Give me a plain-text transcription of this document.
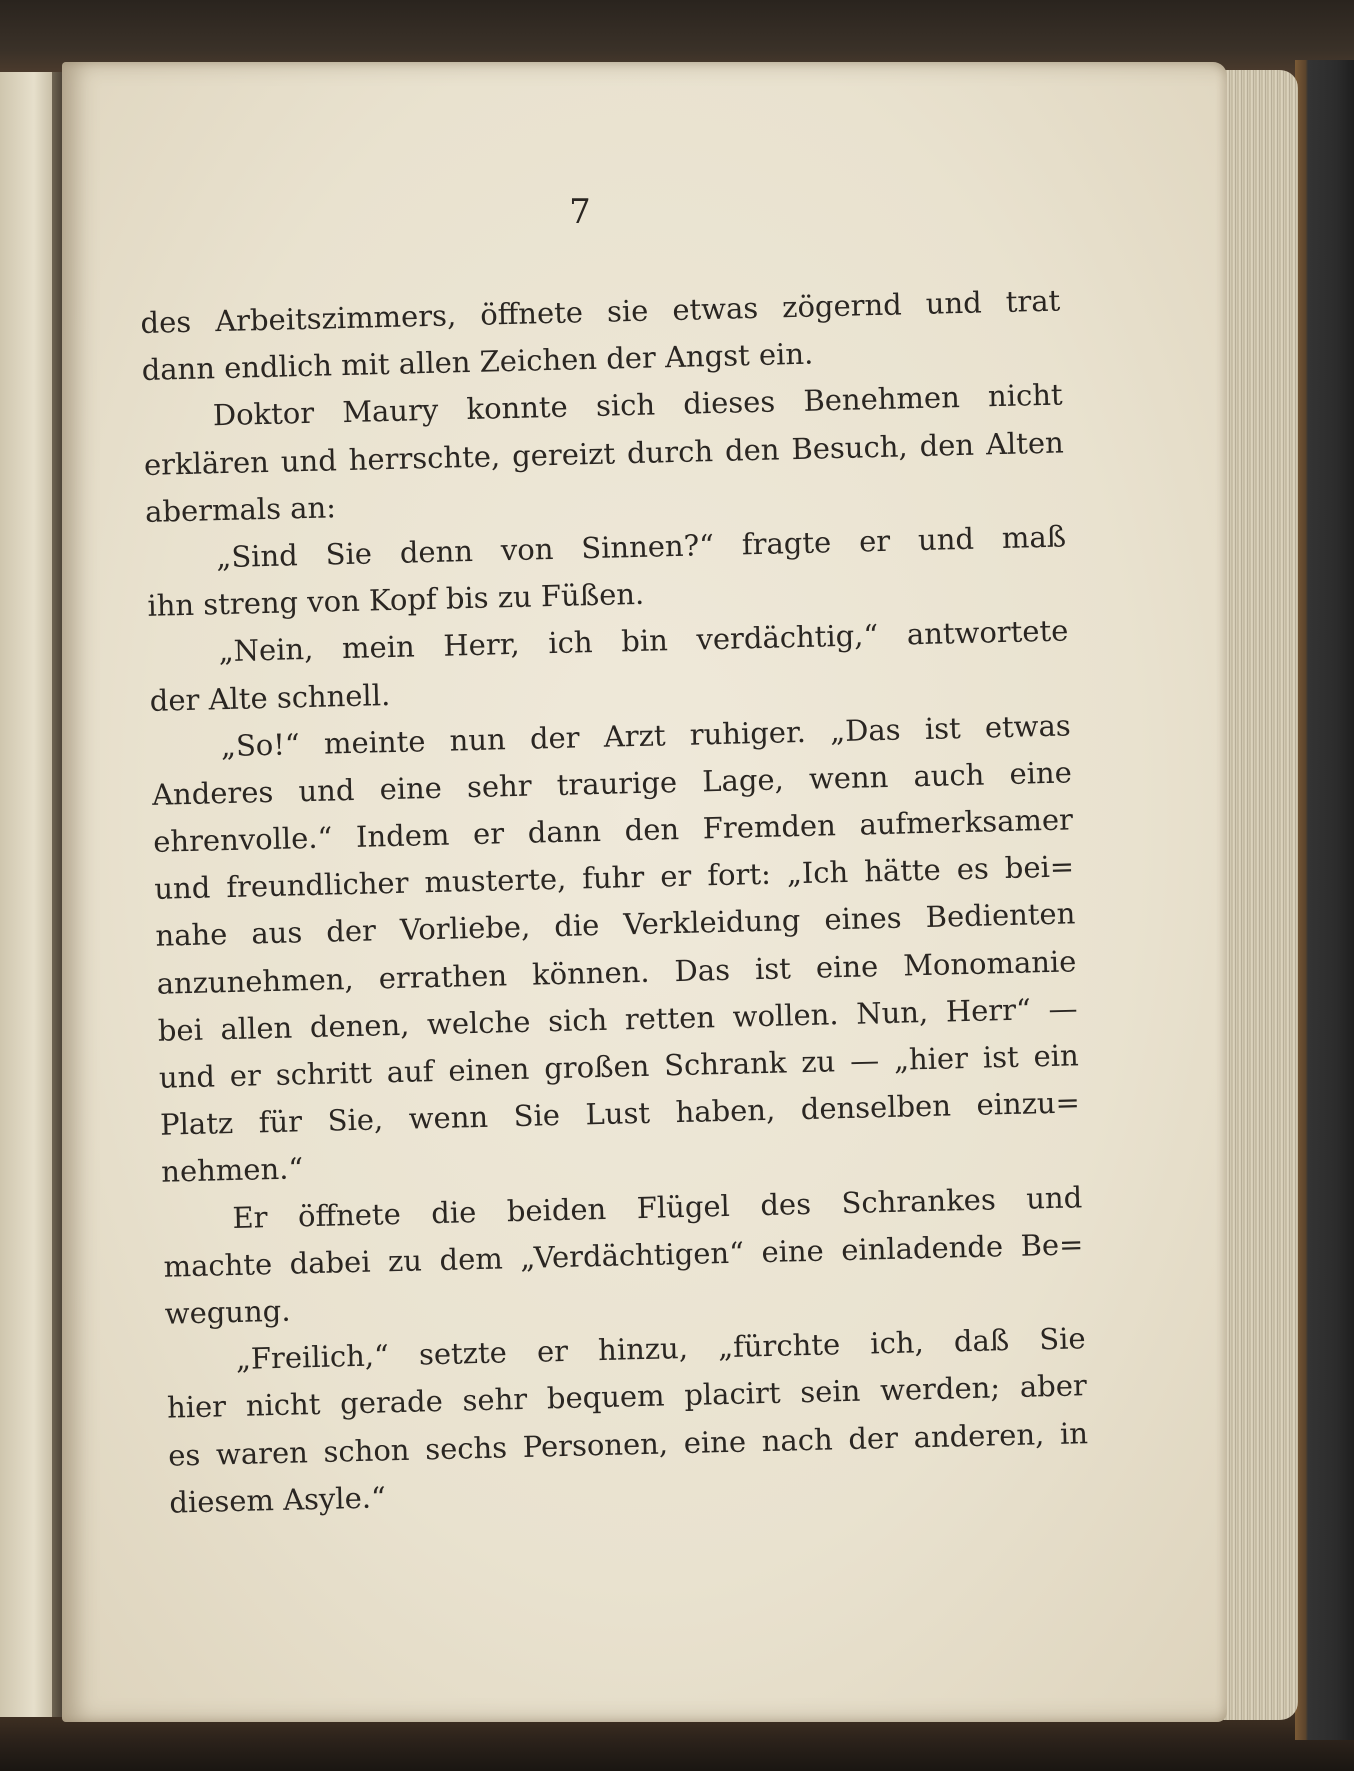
7
des Arbeitszimmers, öffnete sie etwas zögernd und trat
dann endlich mit allen Zeichen der Angst ein.
Doktor Maury konnte sich dieses Benehmen nicht
erklären und herrschte, gereizt durch den Besuch, den Alten
abermals an:
„Sind Sie denn von Sinnen?“ fragte er und maß
ihn streng von Kopf bis zu Füßen.
„Nein, mein Herr, ich bin verdächtig,“ antwortete
der Alte schnell.
„So!“ meinte nun der Arzt ruhiger. „Das ist etwas
Anderes und eine sehr traurige Lage, wenn auch eine
ehrenvolle.“ Indem er dann den Fremden aufmerksamer
und freundlicher musterte, fuhr er fort: „Ich hätte es bei=
nahe aus der Vorliebe, die Verkleidung eines Bedienten
anzunehmen, errathen können. Das ist eine Monomanie
bei allen denen, welche sich retten wollen. Nun, Herr“ —
und er schritt auf einen großen Schrank zu — „hier ist ein
Platz für Sie, wenn Sie Lust haben, denselben einzu=
nehmen.“
Er öffnete die beiden Flügel des Schrankes und
machte dabei zu dem „Verdächtigen“ eine einladende Be=
wegung.
„Freilich,“ setzte er hinzu, „fürchte ich, daß Sie
hier nicht gerade sehr bequem placirt sein werden; aber
es waren schon sechs Personen, eine nach der anderen, in
diesem Asyle.“
